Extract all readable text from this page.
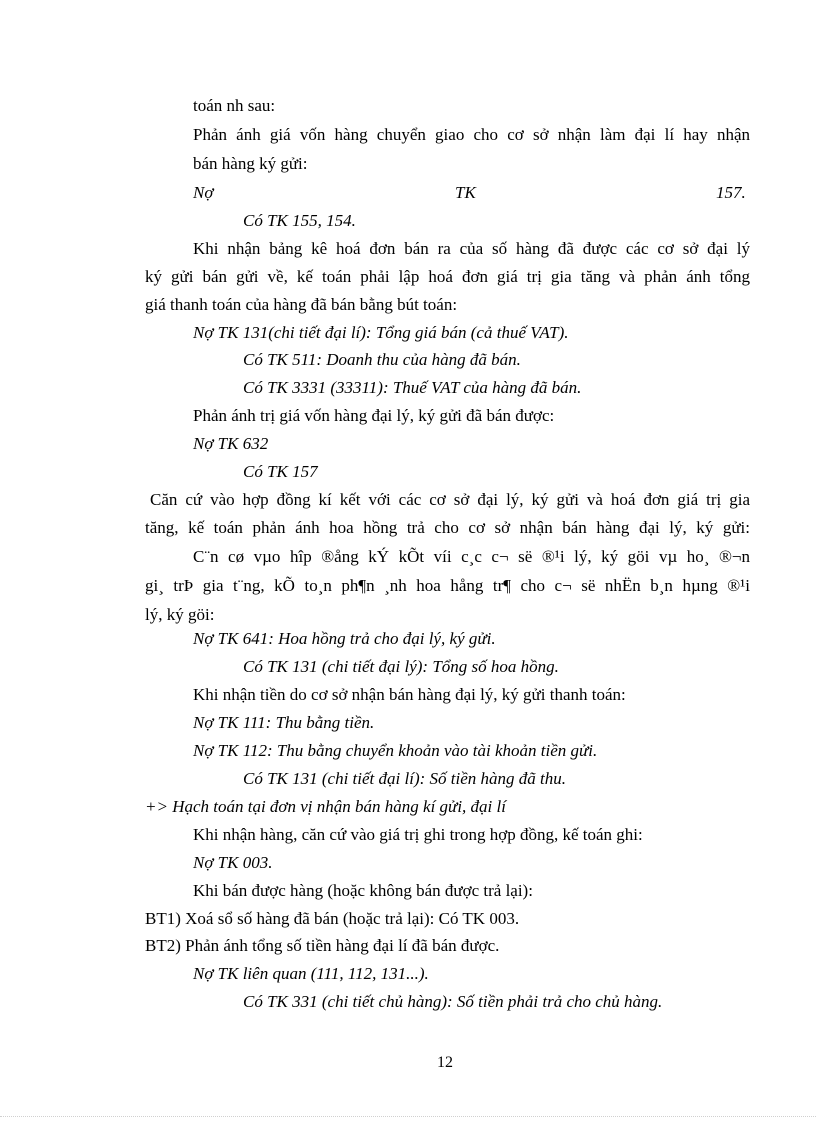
toán nh sau:
Phản ánh giá vốn hàng chuyển giao cho cơ sở nhận làm đại lí hay nhận
bán hàng ký gửi:
Nợ	TK	157.
Có TK 155, 154.
Khi nhận bảng kê hoá đơn bán ra của số hàng đã được các cơ sở đại lý
ký gửi bán gửi về, kế toán phải lập hoá đơn giá trị gia tăng và phản ánh tổng
giá thanh toán của hàng đã bán bằng bút toán:
Nợ TK 131(chi tiết đại lí): Tổng giá bán (cả thuế VAT).
Có TK 511: Doanh thu của hàng đã bán.
Có TK 3331 (33311): Thuế VAT của hàng đã bán.
Phản ánh trị giá vốn hàng đại lý, ký gửi đã bán được:
Nợ TK 632
Có TK 157
Căn cứ vào hợp đồng kí kết với các cơ sở đại lý, ký gửi và hoá đơn giá trị gia
tăng, kế toán phản ánh hoa hồng trả cho cơ sở nhận bán hàng đại lý, ký gửi:
C¨n cø vµo hîp ®ång kÝ kÕt víi c¸c c¬ së ®¹i lý, ký göi vµ ho¸ ®¬n
gi¸ trÞ gia t¨ng, kÕ to¸n ph¶n ¸nh hoa hång tr¶ cho c¬ së nhËn b¸n hµng ®¹i
lý, ký göi:
Nợ TK 641: Hoa hồng trả cho đại lý, ký gửi.
Có TK 131 (chi tiết đại lý): Tổng số hoa hồng.
Khi nhận tiền do cơ sở nhận bán hàng đại lý, ký gửi thanh toán:
Nợ TK 111: Thu bằng tiền.
Nợ TK 112: Thu bằng chuyển khoản vào tài khoản tiền gửi.
Có TK 131 (chi tiết đại lí): Số tiền hàng đã thu.
+> Hạch toán tại đơn vị nhận bán hàng kí gửi, đại lí
Khi nhận hàng, căn cứ vào giá trị ghi trong hợp đồng, kế toán ghi:
Nợ TK 003.
Khi bán được hàng (hoặc không bán được trả lại):
BT1) Xoá sổ số hàng đã bán (hoặc trả lại): Có TK 003.
BT2) Phản ánh tổng số tiền hàng đại lí đã bán được.
Nợ TK liên quan (111, 112, 131...).
Có TK 331 (chi tiết chủ hàng): Số tiền phải trả cho chủ hàng.
12
